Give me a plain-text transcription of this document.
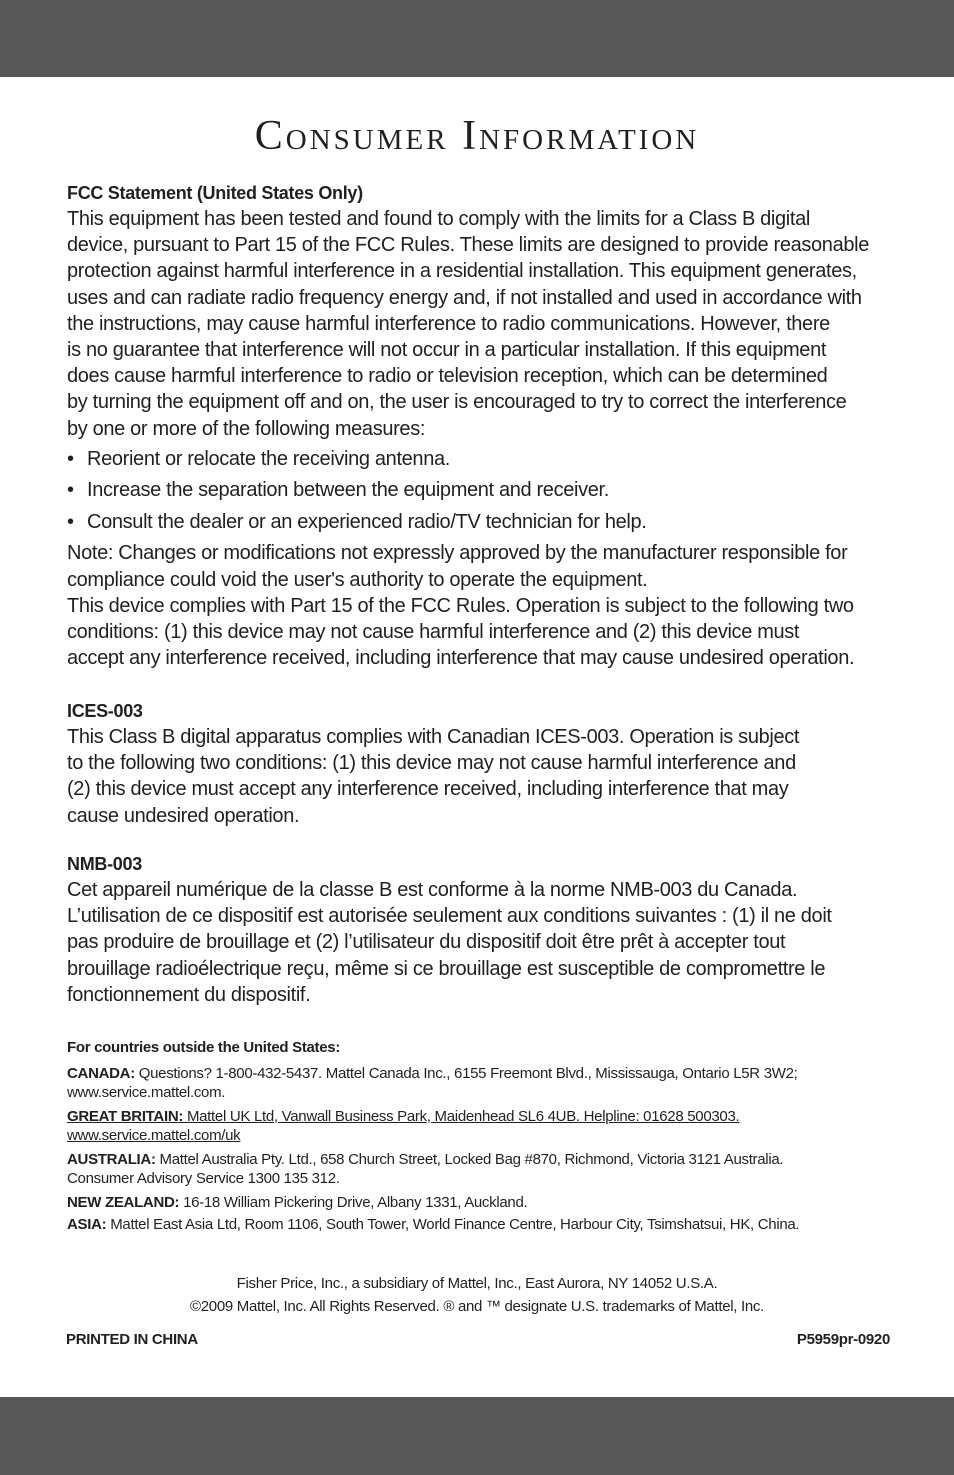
Consumer Information

FCC Statement (United States Only)

This equipment has been tested and found to comply with the limits for a Class B digital

device, pursuant to Part 15 of the FCC Rules. These limits are designed to provide reasonable

protection against harmful interference in a residential installation. This equipment generates,

uses and can radiate radio frequency energy and, if not installed and used in accordance with

the instructions, may cause harmful interference to radio communications. However, there

is no guarantee that interference will not occur in a particular installation. If this equipment

does cause harmful interference to radio or television reception, which can be determined

by turning the equipment off and on, the user is encouraged to try to correct the interference

by one or more of the following measures:

• Reorient or relocate the receiving antenna.
• Increase the separation between the equipment and receiver.
• Consult the dealer or an experienced radio/TV technician for help.

Note: Changes or modifications not expressly approved by the manufacturer responsible for

compliance could void the user's authority to operate the equipment.

This device complies with Part 15 of the FCC Rules. Operation is subject to the following two

conditions: (1) this device may not cause harmful interference and (2) this device must

accept any interference received, including interference that may cause undesired operation.

ICES-003

This Class B digital apparatus complies with Canadian ICES-003. Operation is subject

to the following two conditions: (1) this device may not cause harmful interference and

(2) this device must accept any interference received, including interference that may

cause undesired operation.

NMB-003

Cet appareil numérique de la classe B est conforme à la norme NMB-003 du Canada.

L’utilisation de ce dispositif est autorisée seulement aux conditions suivantes : (1) il ne doit

pas produire de brouillage et (2) l’utilisateur du dispositif doit être prêt à accepter tout

brouillage radioélectrique reçu, même si ce brouillage est susceptible de compromettre le

fonctionnement du dispositif.

For countries outside the United States:

CANADA: Questions? 1-800-432-5437. Mattel Canada Inc., 6155 Freemont Blvd., Mississauga, Ontario L5R 3W2;

www.service.mattel.com.

GREAT BRITAIN: Mattel UK Ltd, Vanwall Business Park, Maidenhead SL6 4UB. Helpline: 01628 500303.

www.service.mattel.com/uk

AUSTRALIA: Mattel Australia Pty. Ltd., 658 Church Street, Locked Bag #870, Richmond, Victoria 3121 Australia.

Consumer Advisory Service 1300 135 312.

NEW ZEALAND: 16-18 William Pickering Drive, Albany 1331, Auckland.

ASIA: Mattel East Asia Ltd, Room 1106, South Tower, World Finance Centre, Harbour City, Tsimshatsui, HK, China.

Fisher Price, Inc., a subsidiary of Mattel, Inc., East Aurora, NY 14052 U.S.A.
©2009 Mattel, Inc. All Rights Reserved. ® and ™ designate U.S. trademarks of Mattel, Inc.
PRINTED IN CHINA	P5959pr-0920
